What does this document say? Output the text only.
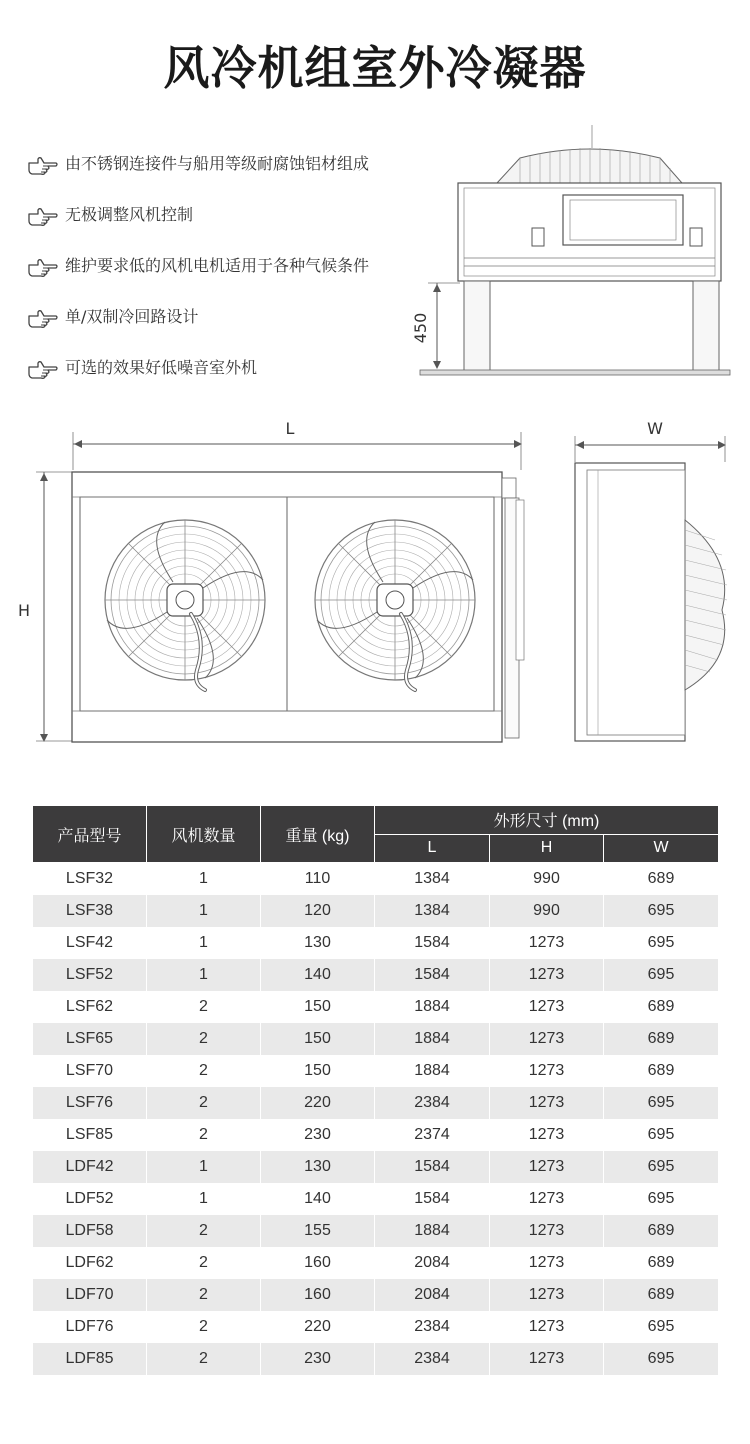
风冷机组室外冷凝器
由不锈钢连接件与船用等级耐腐蚀铝材组成
无极调整风机控制
维护要求低的风机电机适用于各种气候条件
单/双制冷回路设计
可选的效果好低噪音室外机
450
L
H
W
产品型号	风机数量	重量 (kg)	外形尺寸 (mm)		
			L	H	W
LSF32	1	110	1384	990	689
LSF38	1	120	1384	990	695
LSF42	1	130	1584	1273	695
LSF52	1	140	1584	1273	695
LSF62	2	150	1884	1273	689
LSF65	2	150	1884	1273	689
LSF70	2	150	1884	1273	689
LSF76	2	220	2384	1273	695
LSF85	2	230	2374	1273	695
LDF42	1	130	1584	1273	695
LDF52	1	140	1584	1273	695
LDF58	2	155	1884	1273	689
LDF62	2	160	2084	1273	689
LDF70	2	160	2084	1273	689
LDF76	2	220	2384	1273	695
LDF85	2	230	2384	1273	695
